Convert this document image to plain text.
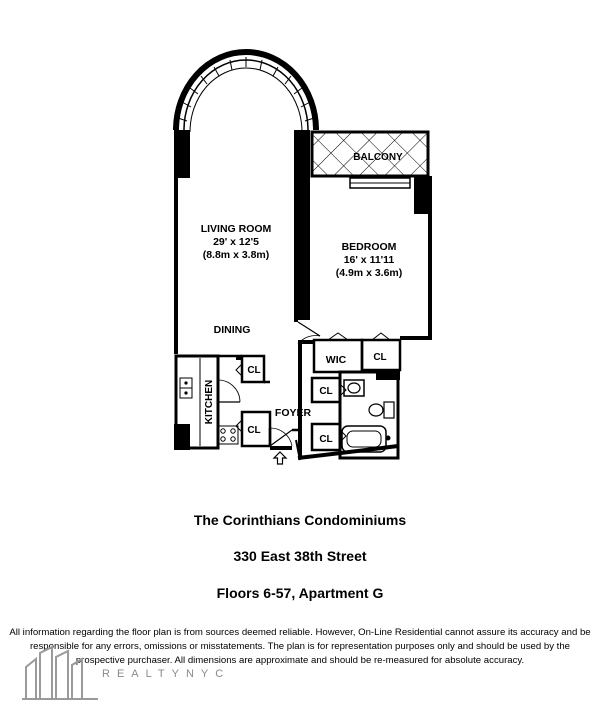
LIVING ROOM
29' x 12'5
(8.8m x 3.8m)
BEDROOM
16' x 11'11
(4.9m x 3.6m)
DINING
BALCONY
KITCHEN	FOYER
WIC	CL
CL
CL
CL
CL
The Corinthians Condominiums
330 East 38th Street
Floors 6-57, Apartment G
All information regarding the floor plan is from sources deemed reliable. However, On-Line Residential cannot assure its accuracy and be responsible for any errors, omissions or misstatements. The plan is for representation purposes only and should be used by the prospective purchaser. All dimensions are approximate and should be re-measured for absolute accuracy.
REALTYNYC
